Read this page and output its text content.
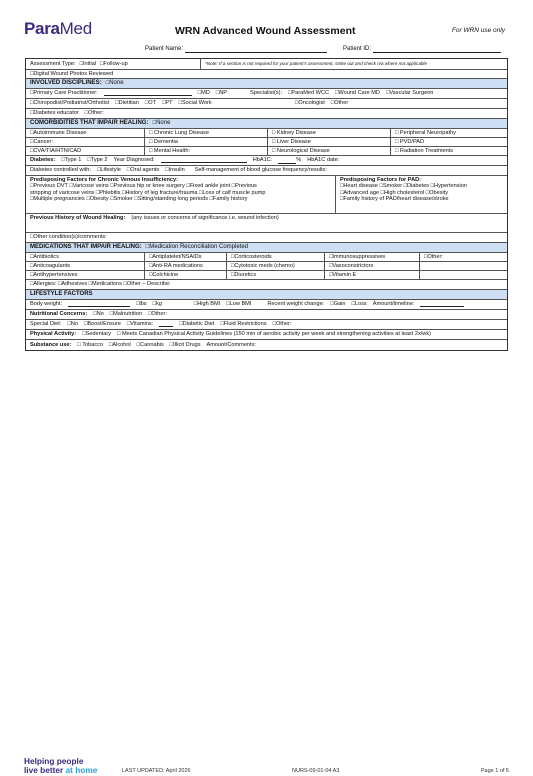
ParaMed	WRN Advanced Wound Assessment	For WRN use only
Patient Name:	Patient ID:
Assessment Type: □Initial □Follow-up	*Note: If a section is not required for your patient's assessment, strike out and check n/a where not applicable
□Digital Wound Photos Reviewed
INVOLVED DISCIPLINES: □None
□Primary Care Practitioner:	□MD □NP	Specialist(s): □ParaMed WCC □Wound Care MD □Vascular Surgeon
□Chiropodist/Podiatrist/Orthotist □Dietitian □OT □PT □Social Work	□Oncologist □Other
□Diabetes educator □Other:
COMORBIDITIES THAT IMPAIR HEALING: □None
□Autoimmune Disease	□ Chronic Lung Disease	□ Kidney Disease	□ Peripheral Neuropathy
□Cancer:	□ Dementia	□ Liver Disease	□ PVD/PAD
□CVA/TIA/HTN/CAD	□ Mental Health:	□ Neurological Disease	□ Radiation Treatments
Diabetes: □Type 1 □Type 2 Year Diagnosed:	HbA1C:	% HbA1C date:
Diabetes controlled with: □Lifestyle □Oral agents □Insulin Self-management of blood glucose frequency/results:
Predisposing Factors for Chronic Venous Insufficiency:
□Previous DVT □Varicose veins □Previous hip or knee surgery □Fixed ankle joint □Previous
stripping of varicose veins □Phlebitis □History of leg fracture/trauma □Loss of calf muscle pump
□Multiple pregnancies □Obesity □Smoker □Sitting/standing long periods □Family history
Predisposing Factors for PAD:
□Heart disease □Smoker □Diabetes □Hypertension
□Advanced age □High cholesterol □Obesity
□Family history of PAD/heart disease/stroke
Previous History of Wound Healing: (any issues or concerns of significance i.e. wound infection)
□Other condition(s)/comments:
MEDICATIONS THAT IMPAIR HEALING: □Medication Reconciliation Completed
□Antibiotics	□Antiplatelet/NSAIDs	□Corticosteroids	□Immunosuppressives	□Other:
□Anticoagulants	□Anti-RA medications	□Cytotoxic meds (chemo)	□Vasoconstrictors
□Antihypertensives	□Colchicine	□Diuretics	□Vitamin E
□Allergies: □Adhesives □Medications □Other – Describe:
LIFESTYLE FACTORS
Body weight:	□lbs □kg	□High BMI □Low BMI	Recent weight change: □Gain □Loss Amount/timeline:
Nutritional Concerns: □No □Malnutrition □Other:
Special Diet: □No □Boost/Ensure □Vitamins:	□Diabetic Diet □Fluid Restrictions □Other:
Physical Activity: □Sedentary □ Meets Canadian Physical Activity Guidelines (150 min of aerobic activity per week and strengthening activities at least 2x/wk)
Substance use: □ Tobacco □Alcohol □Cannabis □Illicit Drugs Amount/Comments:
Helping people
live better at home	LAST UPDATED: April 2026	NURS-09-01-04 A3	Page 1 of 5
